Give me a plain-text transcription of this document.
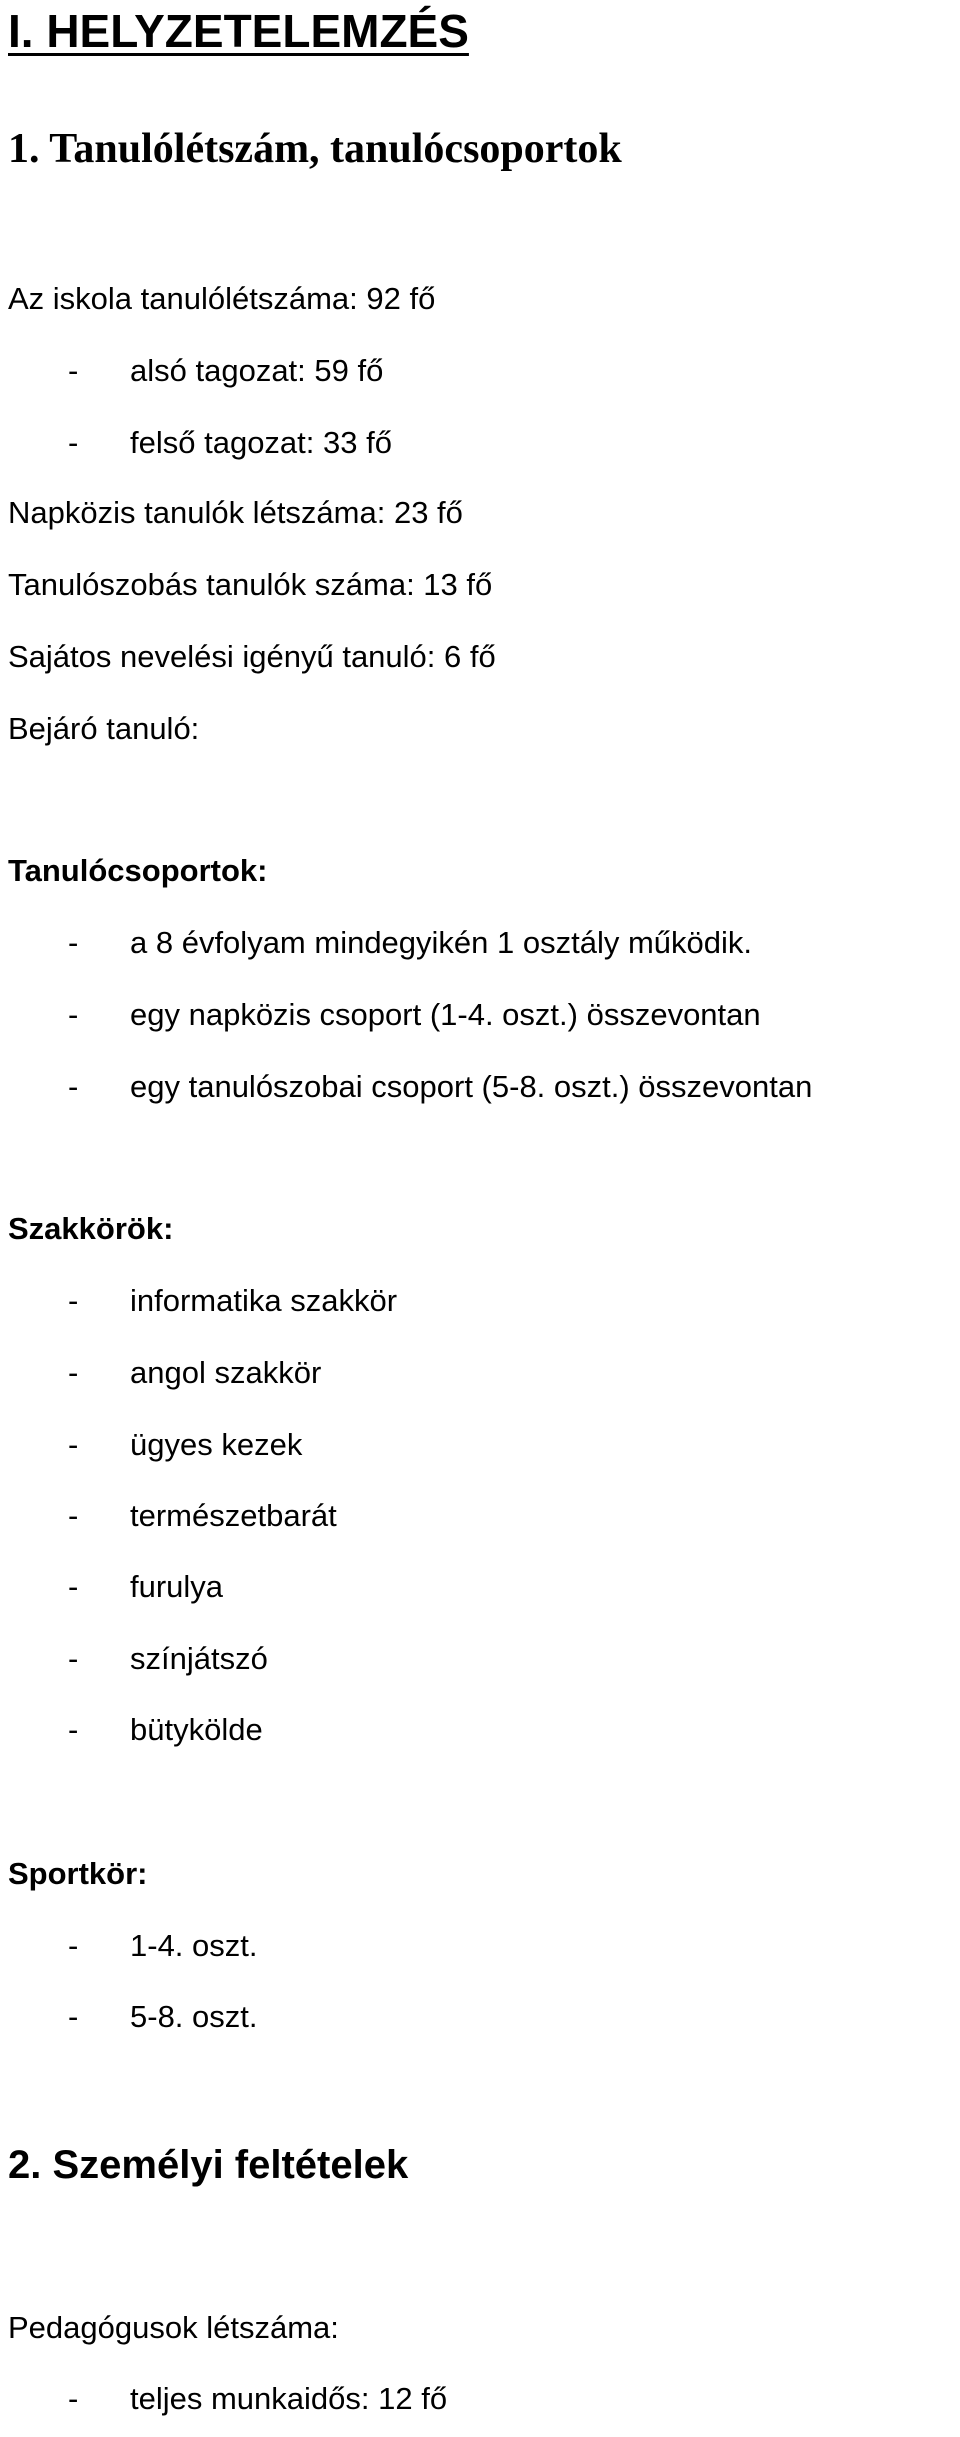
I. HELYZETELEMZÉS
1. Tanulólétszám, tanulócsoportok
Az iskola tanulólétszáma: 92 fő
- alsó tagozat: 59 fő
- felső tagozat: 33 fő
Napközis tanulók létszáma: 23 fő
Tanulószobás tanulók száma: 13 fő
Sajátos nevelési igényű tanuló: 6 fő
Bejáró tanuló:
Tanulócsoportok:
- a 8 évfolyam mindegyikén 1 osztály működik.
- egy napközis csoport (1-4. oszt.) összevontan
- egy tanulószobai csoport (5-8. oszt.) összevontan
Szakkörök:
- informatika szakkör
- angol szakkör
- ügyes kezek
- természetbarát
- furulya
- színjátszó
- bütykölde
Sportkör:
- 1-4. oszt.
- 5-8. oszt.
2. Személyi feltételek
Pedagógusok létszáma:
- teljes munkaidős: 12 fő
